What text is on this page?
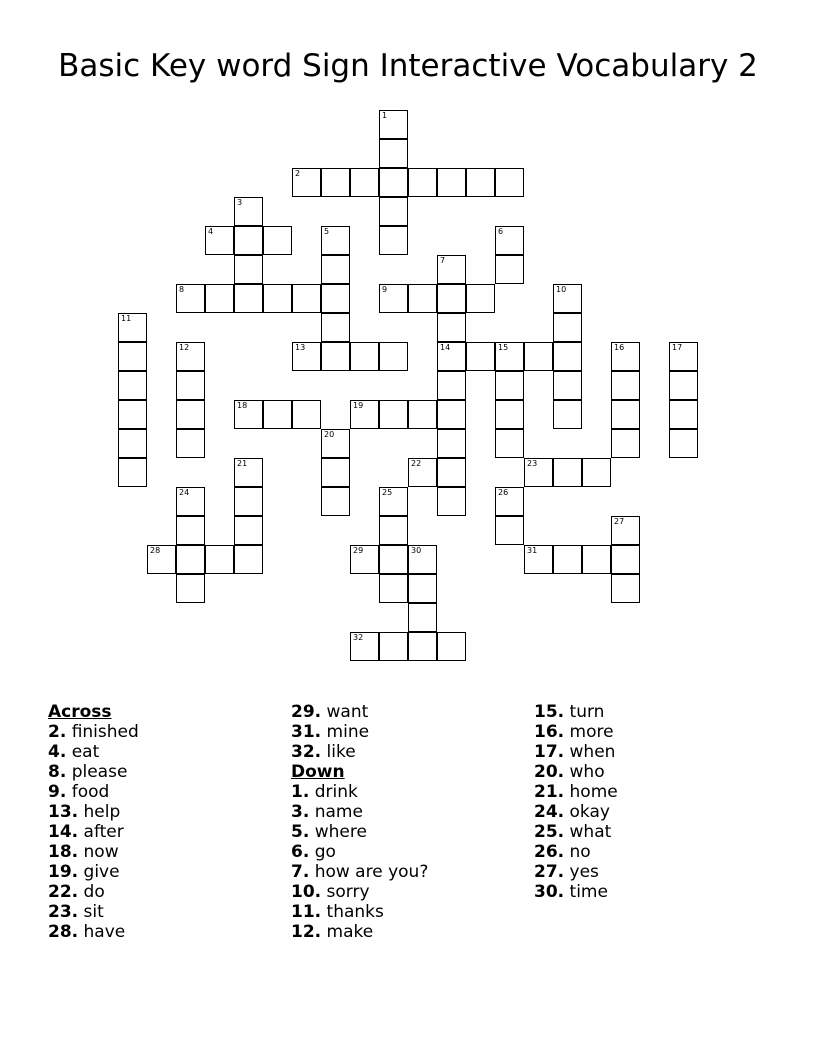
Basic Key word Sign Interactive Vocabulary 2
1
2
3
4	5	6
7
8	9	10
11
12	13	14	15	16	17
18	19
20
21	22	23
24	25	26
27
28	29	30	31
32
Across
2. finished
4. eat
8. please
9. food
13. help
14. after
18. now
19. give
22. do
23. sit
28. have
29. want
31. mine
32. like
Down
1. drink
3. name
5. where
6. go
7. how are you?
10. sorry
11. thanks
12. make
15. turn
16. more
17. when
20. who
21. home
24. okay
25. what
26. no
27. yes
30. time
